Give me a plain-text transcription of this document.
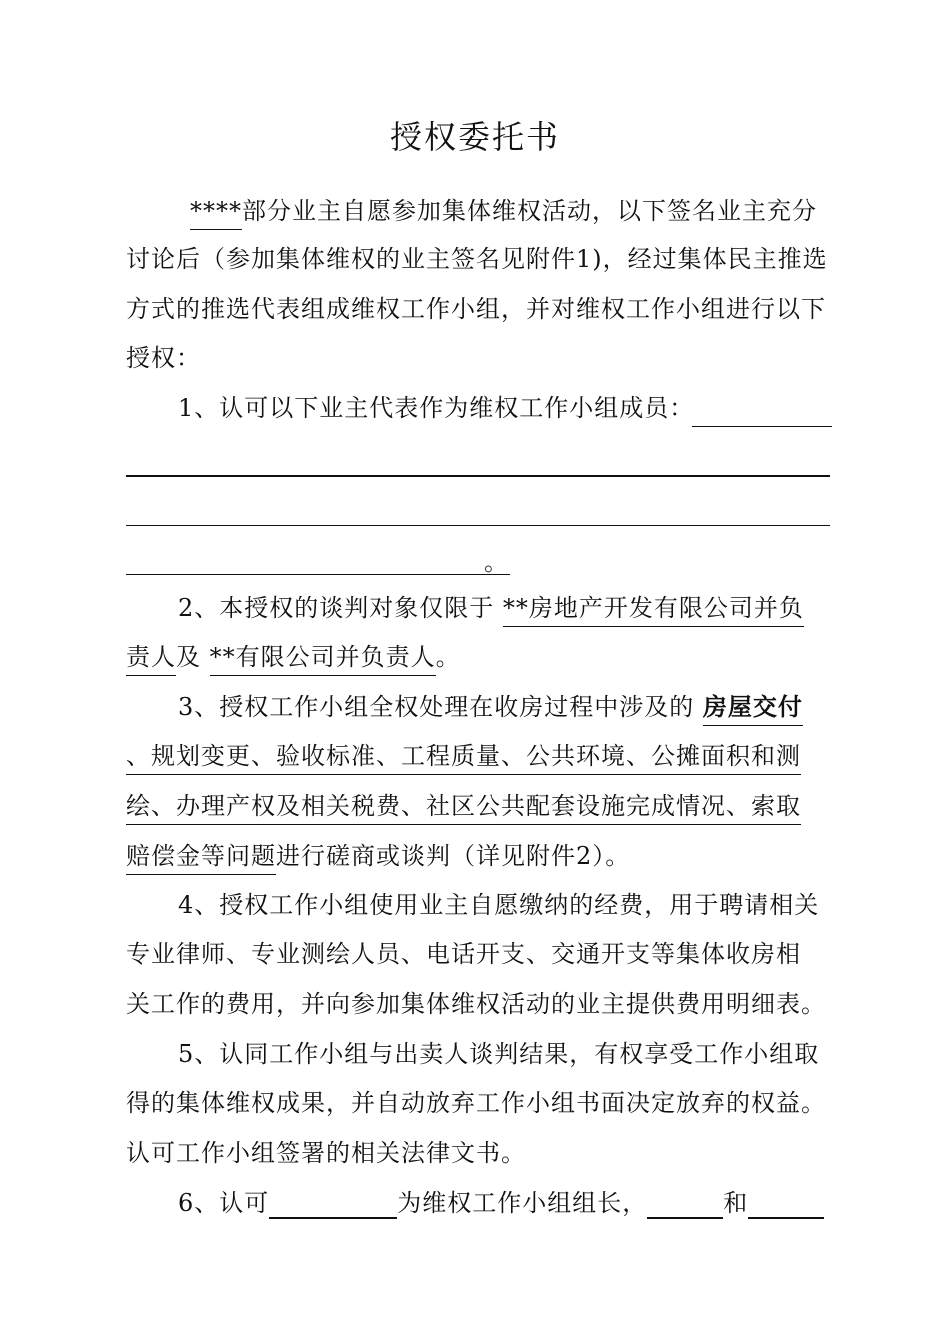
授权委托书
****部分业主自愿参加集体维权活动，以下签名业主充分
讨论后（参加集体维权的业主签名见附件1)，经过集体民主推选
方式的推选代表组成维权工作小组，并对维权工作小组进行以下
授权：
1、认可以下业主代表作为维权工作小组成员：
。
2、本授权的谈判对象仅限于 **房地产开发有限公司并负
责人及 **有限公司并负责人。
3、授权工作小组全权处理在收房过程中涉及的 房屋交付
、规划变更、验收标准、工程质量、公共环境、公摊面积和测
绘、办理产权及相关税费、社区公共配套设施完成情况、索取
赔偿金等问题进行磋商或谈判（详见附件2）。
4、授权工作小组使用业主自愿缴纳的经费，用于聘请相关
专业律师、专业测绘人员、电话开支、交通开支等集体收房相
关工作的费用，并向参加集体维权活动的业主提供费用明细表。
5、认同工作小组与出卖人谈判结果，有权享受工作小组取
得的集体维权成果，并自动放弃工作小组书面决定放弃的权益。
认可工作小组签署的相关法律文书。
6、认可	为维权工作小组组长，	和
